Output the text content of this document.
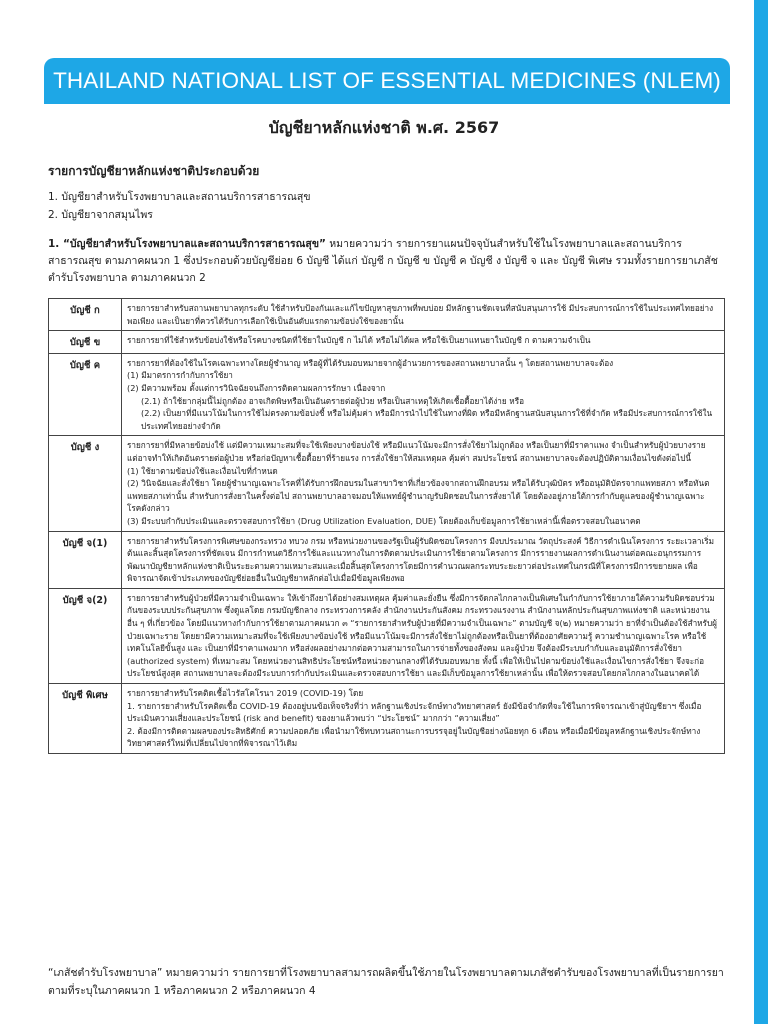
THAILAND NATIONAL LIST OF ESSENTIAL MEDICINES (NLEM)
บัญชียาหลักแห่งชาติ พ.ศ. 2567
รายการบัญชียาหลักแห่งชาติประกอบด้วย
1. บัญชียาสำหรับโรงพยาบาลและสถานบริการสาธารณสุข
2. บัญชียาจากสมุนไพร

1. “บัญชียาสำหรับโรงพยาบาลและสถานบริการสาธารณสุข” หมายความว่า รายการยาแผนปัจจุบันสำหรับใช้ในโรงพยาบาลและสถานบริการสาธารณสุข ตามภาคผนวก 1 ซึ่งประกอบด้วยบัญชีย่อย 6 บัญชี ได้แก่ บัญชี ก บัญชี ข บัญชี ค บัญชี ง บัญชี จ และ บัญชี พิเศษ รวมทั้งรายการยาเภสัชตำรับโรงพยาบาล ตามภาคผนวก 2

บัญชี ก	รายการยาสำหรับสถานพยาบาลทุกระดับ ใช้สำหรับป้องกันและแก้ไขปัญหาสุขภาพที่พบบ่อย มีหลักฐานชัดเจนที่สนับสนุนการใช้ มีประสบการณ์การใช้ในประเทศไทยอย่างพอเพียง และเป็นยาที่ควรได้รับการเลือกใช้เป็นอันดับแรกตามข้อบ่งใช้ของยานั้น

บัญชี ข	รายการยาที่ใช้สำหรับข้อบ่งใช้หรือโรคบางชนิดที่ใช้ยาในบัญชี ก ไม่ได้ หรือไม่ได้ผล หรือใช้เป็นยาแทนยาในบัญชี ก ตามความจำเป็น

บัญชี ค	รายการยาที่ต้องใช้ในโรคเฉพาะทางโดยผู้ชำนาญ หรือผู้ที่ได้รับมอบหมายจากผู้อำนวยการของสถานพยาบาลนั้น ๆ โดยสถานพยาบาลจะต้อง
(1) มีมาตรการกำกับการใช้ยา
(2) มีความพร้อม ตั้งแต่การวินิจฉัยจนถึงการติดตามผลการรักษา เนื่องจาก
(2.1) ถ้าใช้ยากลุ่มนี้ไม่ถูกต้อง อาจเกิดพิษหรือเป็นอันตรายต่อผู้ป่วย หรือเป็นสาเหตุให้เกิดเชื้อดื้อยาได้ง่าย หรือ
(2.2) เป็นยาที่มีแนวโน้มในการใช้ไม่ตรงตามข้อบ่งชี้ หรือไม่คุ้มค่า หรือมีการนำไปใช้ในทางที่ผิด หรือมีหลักฐานสนับสนุนการใช้ที่จำกัด หรือมีประสบการณ์การใช้ในประเทศไทยอย่างจำกัด

บัญชี ง	รายการยาที่มีหลายข้อบ่งใช้ แต่มีความเหมาะสมที่จะใช้เพียงบางข้อบ่งใช้ หรือมีแนวโน้มจะมีการสั่งใช้ยาไม่ถูกต้อง หรือเป็นยาที่มีราคาแพง จำเป็นสำหรับผู้ป่วยบางราย แต่อาจทำให้เกิดอันตรายต่อผู้ป่วย หรือก่อปัญหาเชื้อดื้อยาที่ร้ายแรง การสั่งใช้ยาให้สมเหตุผล คุ้มค่า สมประโยชน์ สถานพยาบาลจะต้องปฏิบัติตามเงื่อนไขดังต่อไปนี้
(1) ใช้ยาตามข้อบ่งใช้และเงื่อนไขที่กำหนด
(2) วินิจฉัยและสั่งใช้ยา โดยผู้ชำนาญเฉพาะโรคที่ได้รับการฝึกอบรมในสาขาวิชาที่เกี่ยวข้องจากสถานฝึกอบรม หรือได้รับวุฒิบัตร หรืออนุมัติบัตรจากแพทยสภา หรือทันตแพทยสภาเท่านั้น สำหรับการสั่งยาในครั้งต่อไป สถานพยาบาลอาจมอบให้แพทย์ผู้ชำนาญรับผิดชอบในการสั่งยาได้ โดยต้องอยู่ภายใต้การกำกับดูแลของผู้ชำนาญเฉพาะโรคดังกล่าว
(3) มีระบบกำกับประเมินและตรวจสอบการใช้ยา (Drug Utilization Evaluation, DUE) โดยต้องเก็บข้อมูลการใช้ยาเหล่านี้เพื่อตรวจสอบในอนาคต

บัญชี จ(1)	รายการยาสำหรับโครงการพิเศษของกระทรวง ทบวง กรม หรือหน่วยงานของรัฐเป็นผู้รับผิดชอบโครงการ มีงบประมาณ วัตถุประสงค์ วิธีการดำเนินโครงการ ระยะเวลาเริ่มต้นและสิ้นสุดโครงการที่ชัดเจน มีการกำหนดวิธีการใช้และแนวทางในการติดตามประเมินการใช้ยาตามโครงการ มีการรายงานผลการดำเนินงานต่อคณะอนุกรรมการพัฒนาบัญชียาหลักแห่งชาติเป็นระยะตามความเหมาะสมและเมื่อสิ้นสุดโครงการโดยมีการคำนวณผลกระทบระยะยาวต่อประเทศในกรณีที่โครงการมีการขยายผล เพื่อพิจารณาจัดเข้าประเภทของบัญชีย่อยอื่นในบัญชียาหลักต่อไปเมื่อมีข้อมูลเพียงพอ

บัญชี จ(2)	รายการยาสำหรับผู้ป่วยที่มีความจำเป็นเฉพาะ ให้เข้าถึงยาได้อย่างสมเหตุผล คุ้มค่าและยั่งยืน ซึ่งมีการจัดกลไกกลางเป็นพิเศษในกำกับการใช้ยาภายใต้ความรับผิดชอบร่วมกันของระบบประกันสุขภาพ ซึ่งดูแลโดย กรมบัญชีกลาง กระทรวงการคลัง สำนักงานประกันสังคม กระทรวงแรงงาน สำนักงานหลักประกันสุขภาพแห่งชาติ และหน่วยงานอื่น ๆ ที่เกี่ยวข้อง โดยมีแนวทางกำกับการใช้ยาตามภาคผนวก ๓ “รายการยาสำหรับผู้ป่วยที่มีความจำเป็นเฉพาะ” ตามบัญชี จ(๒) หมายความว่า ยาที่จำเป็นต้องใช้สำหรับผู้ป่วยเฉพาะราย โดยยามีความเหมาะสมที่จะใช้เพียงบางข้อบ่งใช้ หรือมีแนวโน้มจะมีการสั่งใช้ยาไม่ถูกต้องหรือเป็นยาที่ต้องอาศัยความรู้ ความชำนาญเฉพาะโรค หรือใช้เทคโนโลยีขั้นสูง และ เป็นยาที่มีราคาแพงมาก หรือส่งผลอย่างมากต่อความสามารถในการจ่ายทั้งของสังคม และผู้ป่วย จึงต้องมีระบบกำกับและอนุมัติการสั่งใช้ยา (authorized system) ที่เหมาะสม โดยหน่วยงานสิทธิประโยชน์หรือหน่วยงานกลางที่ได้รับมอบหมาย ทั้งนี้ เพื่อให้เป็นไปตามข้อบ่งใช้และเงื่อนไขการสั่งใช้ยา จึงจะก่อประโยชน์สูงสุด สถานพยาบาลจะต้องมีระบบการกำกับประเมินและตรวจสอบการใช้ยา และมีเก็บข้อมูลการใช้ยาเหล่านั้น เพื่อให้ตรวจสอบโดยกลไกกลางในอนาคตได้

บัญชี พิเศษ	รายการยาสำหรับโรคติดเชื้อไวรัสโคโรนา 2019 (COVID-19) โดย
1. รายการยาสำหรับโรคติดเชื้อ COVID-19 ต้องอยู่บนข้อเท็จจริงที่ว่า หลักฐานเชิงประจักษ์ทางวิทยาศาสตร์ ยังมีข้อจำกัดที่จะใช้ในการพิจารณาเข้าสู่บัญชียาฯ ซึ่งเมื่อประเมินความเสี่ยงและประโยชน์ (risk and benefit) ของยาแล้วพบว่า “ประโยชน์” มากกว่า “ความเสี่ยง”
2. ต้องมีการติดตามผลของประสิทธิศักย์ ความปลอดภัย เพื่อนำมาใช้ทบทวนสถานะการบรรจุอยู่ในบัญชีอย่างน้อยทุก 6 เดือน หรือเมื่อมีข้อมูลหลักฐานเชิงประจักษ์ทางวิทยาศาสตร์ใหม่ที่เปลี่ยนไปจากที่พิจารณาไว้เดิม

“เภสัชตำรับโรงพยาบาล” หมายความว่า รายการยาที่โรงพยาบาลสามารถผลิตขึ้นใช้ภายในโรงพยาบาลตามเภสัชตำรับของโรงพยาบาลที่เป็นรายการยาตามที่ระบุในภาคผนวก 1 หรือภาคผนวก 2 หรือภาคผนวก 4
